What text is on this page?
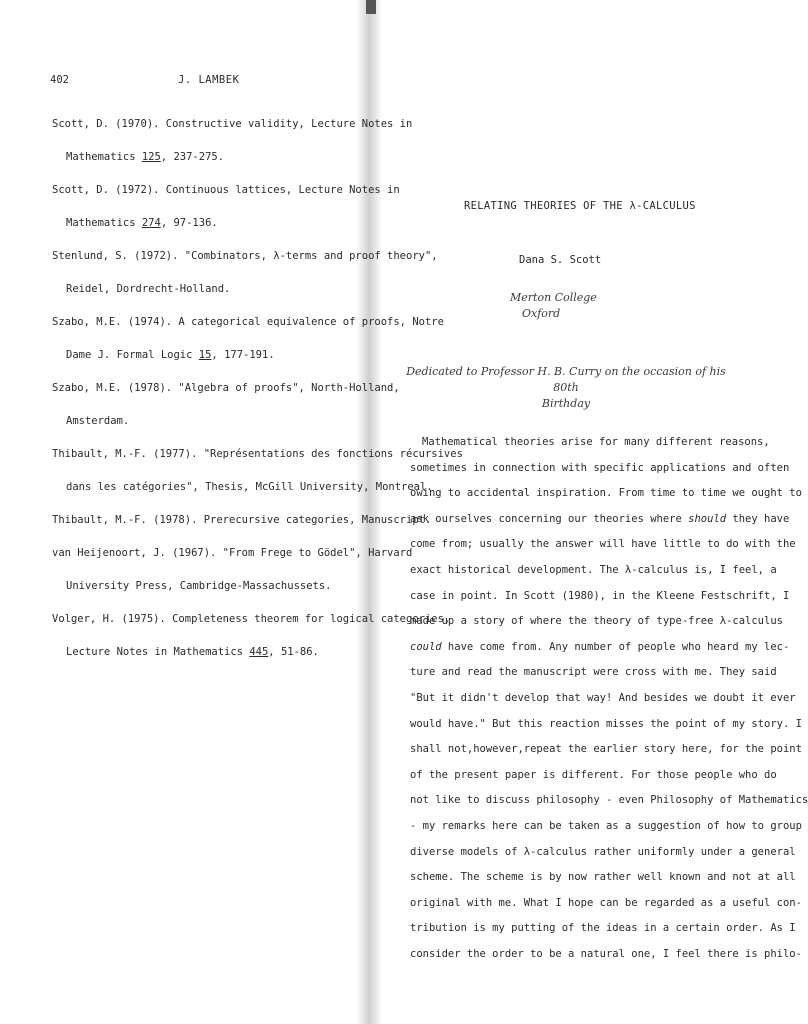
402	J. LAMBEK
Scott, D. (1970). Constructive validity, Lecture Notes in
Mathematics 125, 237-275.
Scott, D. (1972). Continuous lattices, Lecture Notes in
Mathematics 274, 97-136.
Stenlund, S. (1972). "Combinators, λ-terms and proof theory",
Reidel, Dordrecht-Holland.
Szabo, M.E. (1974). A categorical equivalence of proofs, Notre
Dame J. Formal Logic 15, 177-191.
Szabo, M.E. (1978). "Algebra of proofs", North-Holland,
Amsterdam.
Thibault, M.-F. (1977). "Représentations des fonctions récursives
dans les catégories", Thesis, McGill University, Montreal.
Thibault, M.-F. (1978). Prerecursive categories, Manuscript.
van Heijenoort, J. (1967). "From Frege to Gödel", Harvard
University Press, Cambridge-Massachussets.
Volger, H. (1975). Completeness theorem for logical categories,
Lecture Notes in Mathematics 445, 51-86.
RELATING THEORIES OF THE λ-CALCULUS
Dana S. Scott
Merton College
Oxford
Dedicated to Professor H. B. Curry on the occasion of his 80th
Birthday
Mathematical theories arise for many different reasons,
sometimes in connection with specific applications and often
owing to accidental inspiration. From time to time we ought to
ask ourselves concerning our theories where should they have
come from; usually the answer will have little to do with the
exact historical development. The λ-calculus is, I feel, a
case in point. In Scott (1980), in the Kleene Festschrift, I
made up a story of where the theory of type-free λ-calculus
could have come from. Any number of people who heard my lec-
ture and read the manuscript were cross with me. They said
"But it didn't develop that way! And besides we doubt it ever
would have." But this reaction misses the point of my story. I
shall not,however,repeat the earlier story here, for the point
of the present paper is different. For those people who do
not like to discuss philosophy - even Philosophy of Mathematics
- my remarks here can be taken as a suggestion of how to group
diverse models of λ-calculus rather uniformly under a general
scheme. The scheme is by now rather well known and not at all
original with me. What I hope can be regarded as a useful con-
tribution is my putting of the ideas in a certain order. As I
consider the order to be a natural one, I feel there is philo-
